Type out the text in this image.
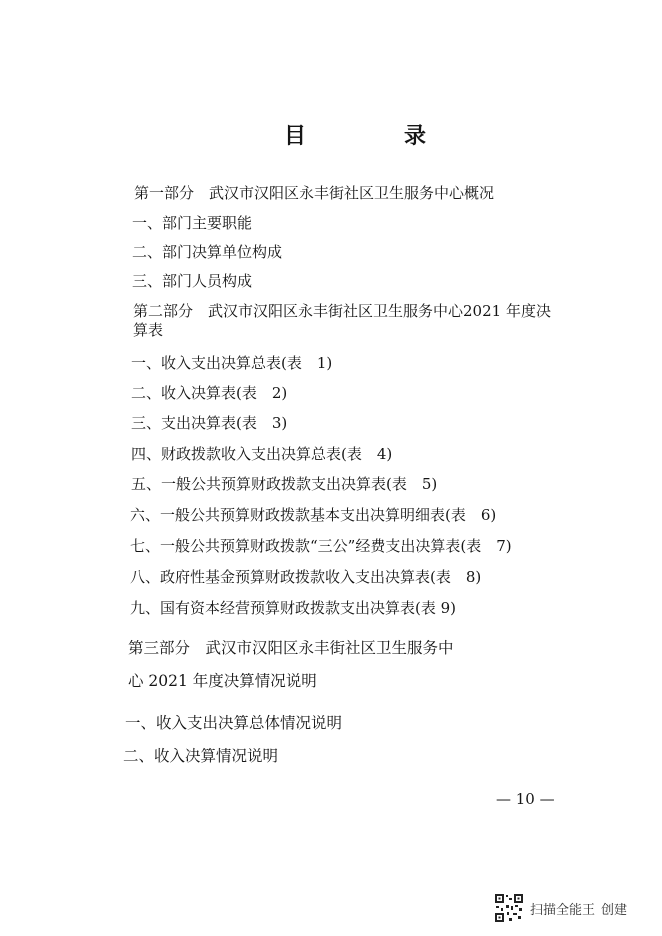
目　录
第一部分　武汉市汉阳区永丰街社区卫生服务中心概况
一、部门主要职能
二、部门决算单位构成
三、部门人员构成
第二部分　武汉市汉阳区永丰街社区卫生服务中心2021 年度决
算表
一、收入支出决算总表(表　1)
二、收入决算表(表　2)
三、支出决算表(表　3)
四、财政拨款收入支出决算总表(表　4)
五、一般公共预算财政拨款支出决算表(表　5)
六、一般公共预算财政拨款基本支出决算明细表(表　6)
七、一般公共预算财政拨款“三公”经费支出决算表(表　7)
八、政府性基金预算财政拨款收入支出决算表(表　8)
九、国有资本经营预算财政拨款支出决算表(表 9)
第三部分　武汉市汉阳区永丰街社区卫生服务中
心 2021 年度决算情况说明
一、收入支出决算总体情况说明
二、收入决算情况说明
— 10 —
扫描全能王 创建
